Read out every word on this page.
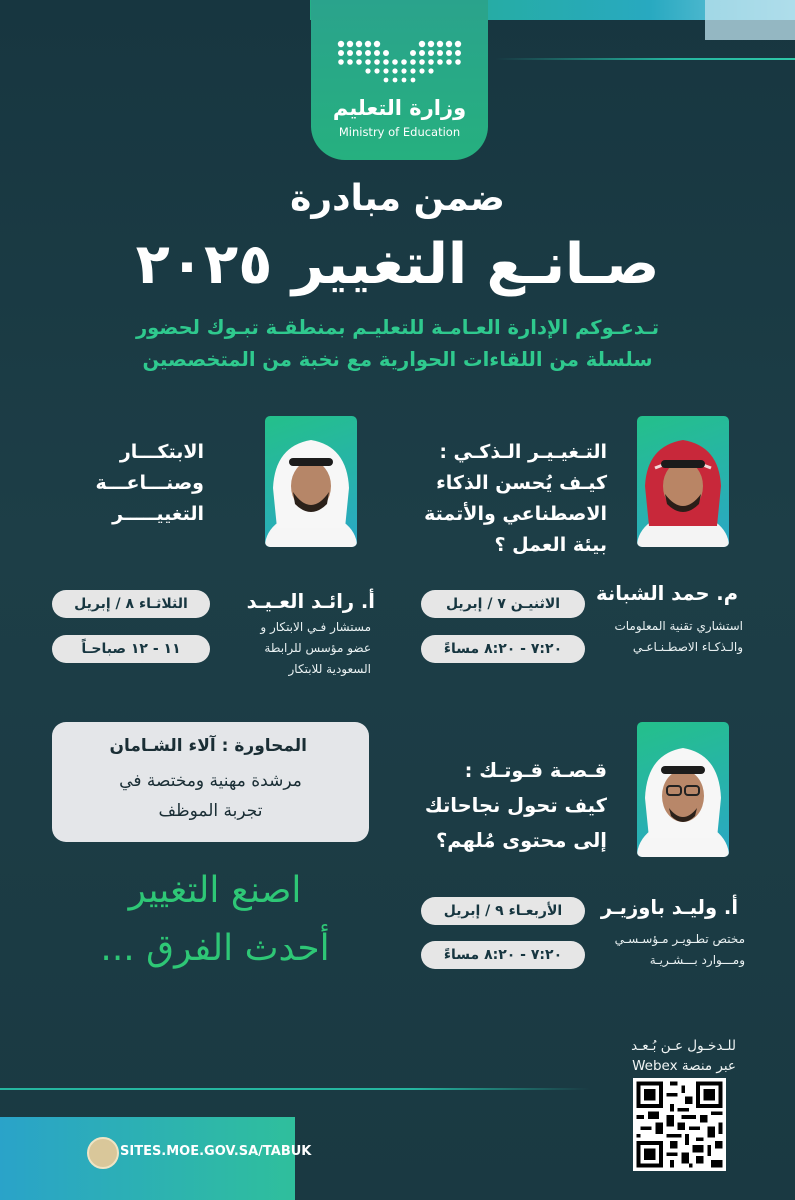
وزارة التعليم
Ministry of Education
ضمن مبادرة
صـانـع التغيير ٢٠٢٥
تـدعـوكم الإدارة العـامـة للتعليـم بمنطقـة تبـوك لحضور
سلسلة من اللقاءات الحوارية مع نخبة من المتخصصين
التـغيـيـر الـذكـي :
كيـف يُحسن الذكاء
الاصطناعي والأتمتة
بيئة العمل ؟
م. حمد الشبانة
استشاري تقنية المعلومات
والـذكـاء الاصطـنـاعـي
الاثنيـن ٧ / إبريل
٧:٢٠ - ٨:٢٠ مساءً
الابتكـــار
وصنـــاعـــة
التغييـــــر
أ. رائـد العـيـد
مستشار فـي الابتكار و
عضو مؤسس للرابطة
السعودية للابتكار
الثلاثـاء ٨ / إبريل
١١ - ١٢ صباحـاً
المحاورة : آلاء الشـامان
مرشدة مهنية ومختصة في
تجربة الموظف
قـصـة قـوتـك :
كيف تحول نجاحاتك
إلى محتوى مُلهم؟
أ. وليـد باوزيـر
مختص تطـويـر مـؤسـسـي
ومـــوارد بـــشـريـة
الأربعـاء ٩ / إبريل
٧:٢٠ - ٨:٢٠ مساءً
اصنع التغيير
أحدث الفرق ...
للـدخـول عـن بُـعـد
عبر منصة Webex
SITES.MOE.GOV.SA/TABUK
